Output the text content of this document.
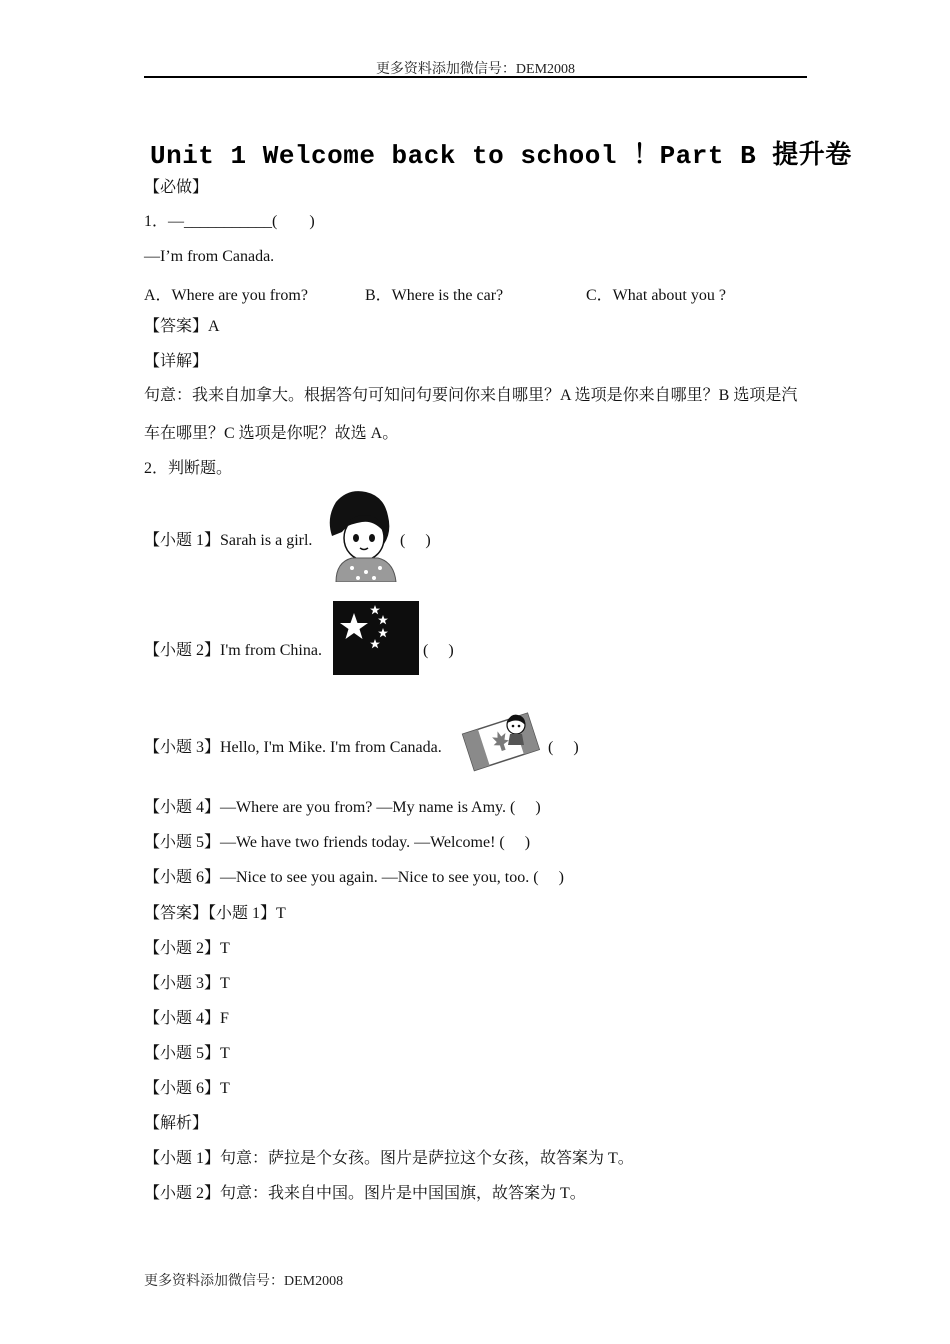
更多资料添加微信号：DEM2008
Unit 1 Welcome back to school ！Part B 提升卷
【必做】
1．—___________(　　)
—I’m from Canada.
A．Where are you from?	B．Where is the car?	C．What about you ?
【答案】A
【详解】
句意：我来自加拿大。根据答句可知问句要问你来自哪里？A 选项是你来自哪里？B 选项是汽车在哪里？C 选项是你呢？故选 A。
2．判断题。
【小题 1】Sarah is a girl.	(　 )
【小题 2】I'm from China.	(　 )
【小题 3】Hello, I'm Mike. I'm from Canada.	(　 )
【小题 4】—Where are you from? —My name is Amy. (　 )
【小题 5】—We have two friends today. —Welcome! (　 )
【小题 6】—Nice to see you again. —Nice to see you, too. (　 )
【答案】【小题 1】T
【小题 2】T
【小题 3】T
【小题 4】F
【小题 5】T
【小题 6】T
【解析】
【小题 1】句意：萨拉是个女孩。图片是萨拉这个女孩，故答案为 T。
【小题 2】句意：我来自中国。图片是中国国旗，故答案为 T。
更多资料添加微信号：DEM2008
